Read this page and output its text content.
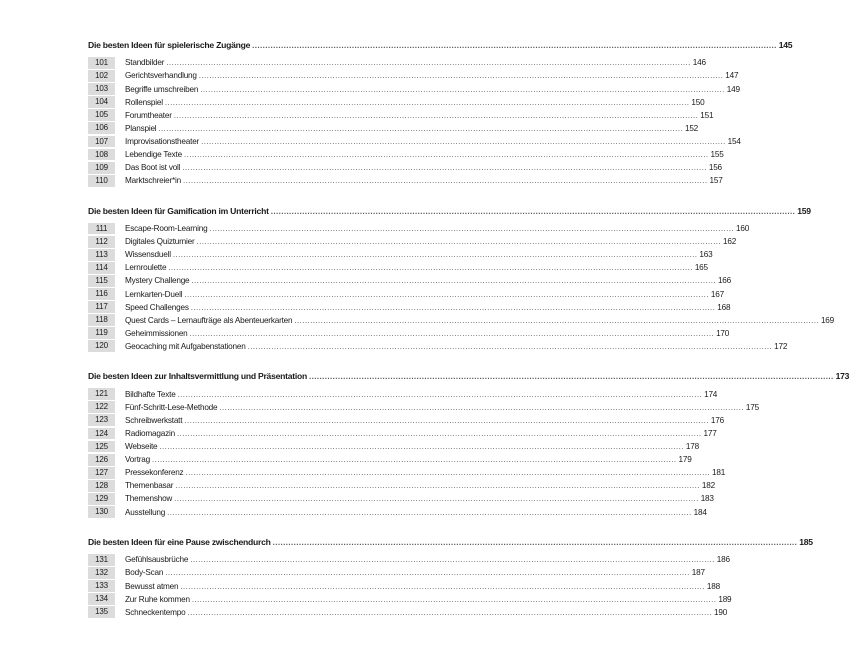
Die besten Ideen für spielerische Zugänge ........................................................................................................................................................................................................ 145
101	Standbilder ........................................................................................................................................................................................................ 146
102	Gerichtsverhandlung ........................................................................................................................................................................................................ 147
103	Begriffe umschreiben ........................................................................................................................................................................................................ 149
104	Rollenspiel ........................................................................................................................................................................................................ 150
105	Forumtheater ........................................................................................................................................................................................................ 151
106	Planspiel ........................................................................................................................................................................................................ 152
107	Improvisationstheater ........................................................................................................................................................................................................ 154
108	Lebendige Texte ........................................................................................................................................................................................................ 155
109	Das Boot ist voll ........................................................................................................................................................................................................ 156
110	Marktschreier*in ........................................................................................................................................................................................................ 157
Die besten Ideen für Gamification im Unterricht ........................................................................................................................................................................................................ 159
111	Escape-Room-Learning ........................................................................................................................................................................................................ 160
112	Digitales Quizturnier ........................................................................................................................................................................................................ 162
113	Wissensduell ........................................................................................................................................................................................................ 163
114	Lernroulette ........................................................................................................................................................................................................ 165
115	Mystery Challenge ........................................................................................................................................................................................................ 166
116	Lernkarten-Duell ........................................................................................................................................................................................................ 167
117	Speed Challenges ........................................................................................................................................................................................................ 168
118	Quest Cards – Lernaufträge als Abenteuerkarten ........................................................................................................................................................................................................ 169
119	Geheimmissionen ........................................................................................................................................................................................................ 170
120	Geocaching mit Aufgabenstationen ........................................................................................................................................................................................................ 172
Die besten Ideen zur Inhaltsvermittlung und Präsentation ........................................................................................................................................................................................................ 173
121	Bildhafte Texte ........................................................................................................................................................................................................ 174
122	Fünf-Schritt-Lese-Methode ........................................................................................................................................................................................................ 175
123	Schreibwerkstatt ........................................................................................................................................................................................................ 176
124	Radiomagazin ........................................................................................................................................................................................................ 177
125	Webseite ........................................................................................................................................................................................................ 178
126	Vortrag ........................................................................................................................................................................................................ 179
127	Pressekonferenz ........................................................................................................................................................................................................ 181
128	Themenbasar ........................................................................................................................................................................................................ 182
129	Themenshow ........................................................................................................................................................................................................ 183
130	Ausstellung ........................................................................................................................................................................................................ 184
Die besten Ideen für eine Pause zwischendurch ........................................................................................................................................................................................................ 185
131	Gefühlsausbrüche ........................................................................................................................................................................................................ 186
132	Body-Scan ........................................................................................................................................................................................................ 187
133	Bewusst atmen ........................................................................................................................................................................................................ 188
134	Zur Ruhe kommen ........................................................................................................................................................................................................ 189
135	Schneckentempo ........................................................................................................................................................................................................ 190
